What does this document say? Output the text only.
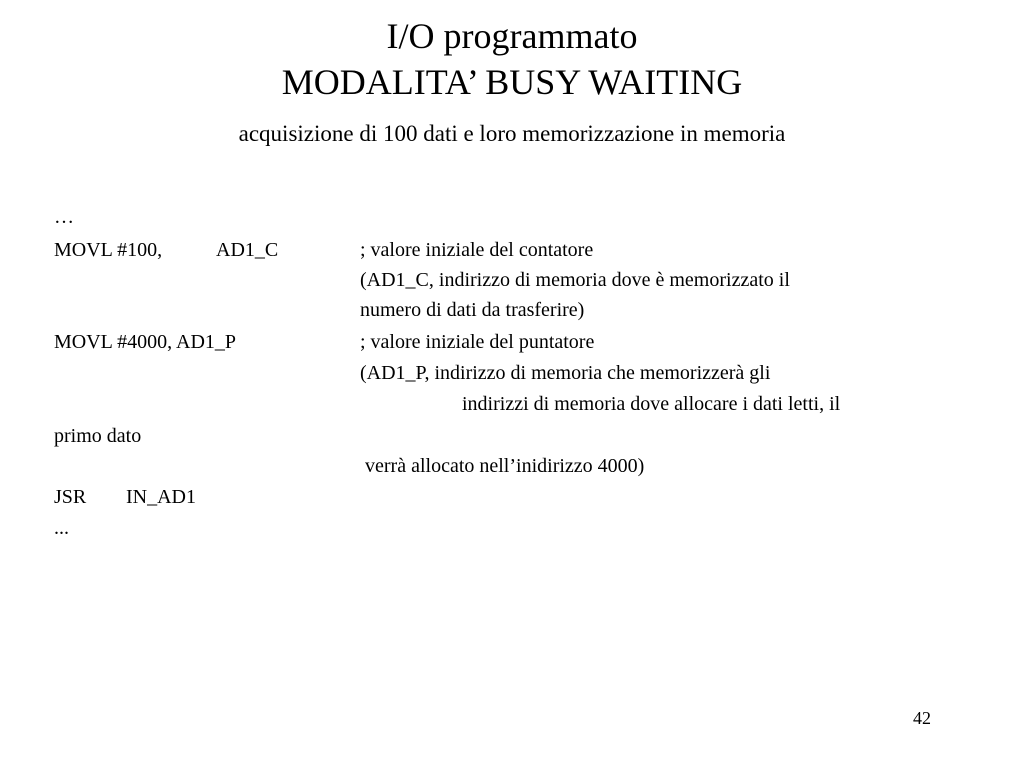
I/O programmato
MODALITA’ BUSY WAITING
acquisizione di 100 dati e loro memorizzazione in memoria
…
MOVL #100,	AD1_C	; valore iniziale del contatore
(AD1_C, indirizzo di memoria dove è memorizzato il
numero di dati da trasferire)
MOVL #4000, AD1_P	; valore iniziale del puntatore
(AD1_P, indirizzo di memoria che memorizzerà gli
indirizzi di memoria dove allocare i dati letti, il
primo dato
verrà allocato nell’inidirizzo 4000)
JSR IN_AD1
...
42
